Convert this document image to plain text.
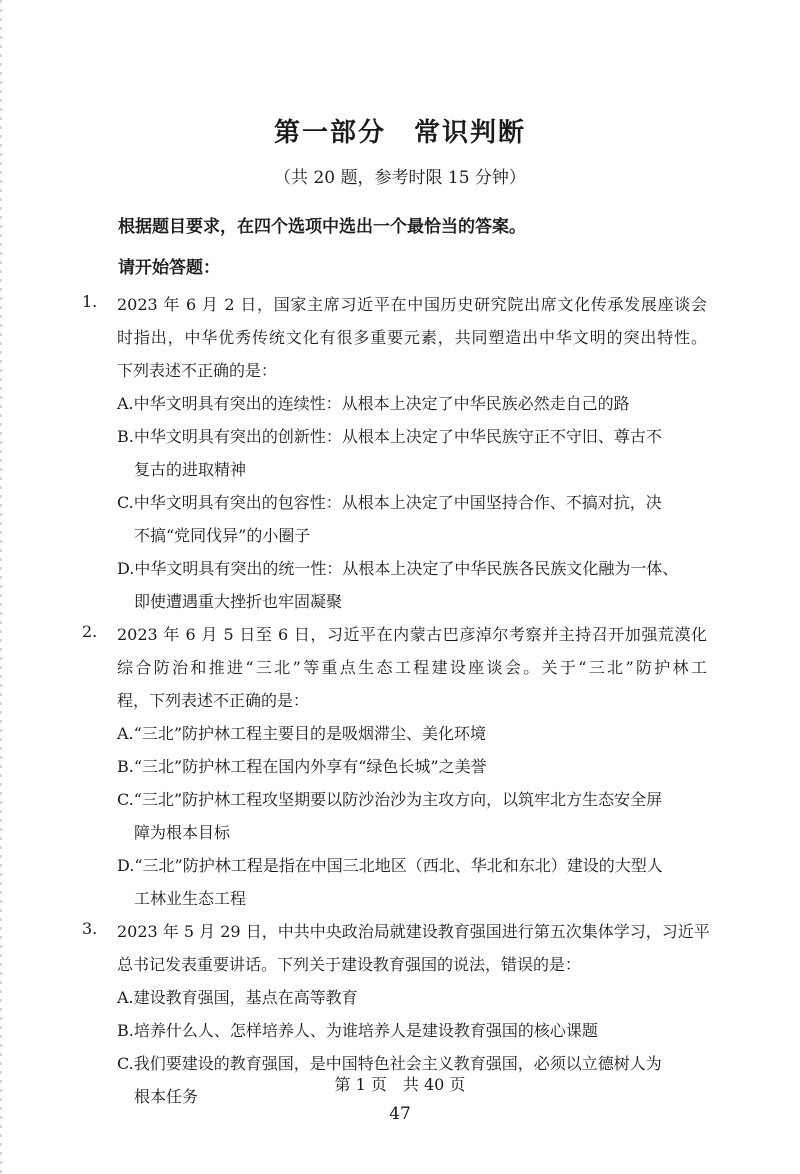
第一部分　常识判断
（共 20 题，参考时限 15 分钟）
根据题目要求，在四个选项中选出一个最恰当的答案。
请开始答题：
1. 2023 年 6 月 2 日，国家主席习近平在中国历史研究院出席文化传承发展座谈会
时指出，中华优秀传统文化有很多重要元素，共同塑造出中华文明的突出特性。
下列表述不正确的是：
A.中华文明具有突出的连续性：从根本上决定了中华民族必然走自己的路
B.中华文明具有突出的创新性：从根本上决定了中华民族守正不守旧、尊古不
复古的进取精神
C.中华文明具有突出的包容性：从根本上决定了中国坚持合作、不搞对抗，决
不搞“党同伐异”的小圈子
D.中华文明具有突出的统一性：从根本上决定了中华民族各民族文化融为一体、
即使遭遇重大挫折也牢固凝聚
2. 2023 年 6 月 5 日至 6 日，习近平在内蒙古巴彦淖尔考察并主持召开加强荒漠化
综合防治和推进“三北”等重点生态工程建设座谈会。关于“三北”防护林工
程，下列表述不正确的是：
A.“三北”防护林工程主要目的是吸烟滞尘、美化环境
B.“三北”防护林工程在国内外享有“绿色长城”之美誉
C.“三北”防护林工程攻坚期要以防沙治沙为主攻方向，以筑牢北方生态安全屏
障为根本目标
D.“三北”防护林工程是指在中国三北地区（西北、华北和东北）建设的大型人
工林业生态工程
3. 2023 年 5 月 29 日，中共中央政治局就建设教育强国进行第五次集体学习，习近平
总书记发表重要讲话。下列关于建设教育强国的说法，错误的是：
A.建设教育强国，基点在高等教育
B.培养什么人、怎样培养人、为谁培养人是建设教育强国的核心课题
C.我们要建设的教育强国，是中国特色社会主义教育强国，必须以立德树人为
根本任务
第 1 页　共 40 页
47
